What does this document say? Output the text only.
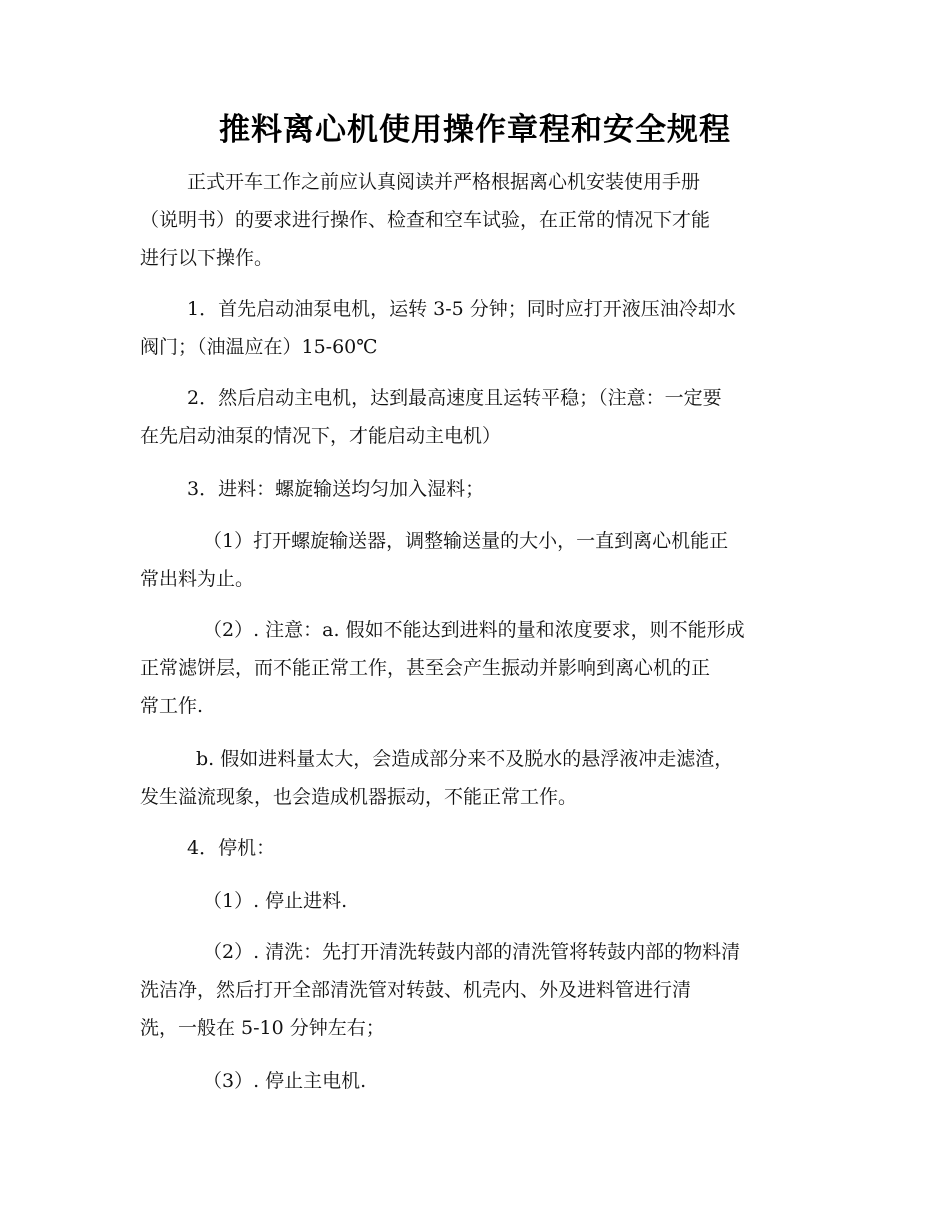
推料离心机使用操作章程和安全规程
正式开车工作之前应认真阅读并严格根据离心机安装使用手册
（说明书）的要求进行操作、检查和空车试验，在正常的情况下才能
进行以下操作。
1．首先启动油泵电机，运转 3-5 分钟；同时应打开液压油冷却水
阀门；（油温应在）15-60℃
2．然后启动主电机，达到最高速度且运转平稳；（注意：一定要
在先启动油泵的情况下，才能启动主电机）
3．进料：螺旋输送均匀加入湿料；
（1）打开螺旋输送器，调整输送量的大小，一直到离心机能正
常出料为止。
（2）. 注意：a. 假如不能达到进料的量和浓度要求，则不能形成
正常滤饼层，而不能正常工作，甚至会产生振动并影响到离心机的正
常工作.
b. 假如进料量太大，会造成部分来不及脱水的悬浮液冲走滤渣，
发生溢流现象，也会造成机器振动，不能正常工作。
4．停机：
（1）. 停止进料.
（2）. 清洗：先打开清洗转鼓内部的清洗管将转鼓内部的物料清
洗洁净，然后打开全部清洗管对转鼓、机壳内、外及进料管进行清
洗，一般在 5-10 分钟左右；
（3）. 停止主电机.
